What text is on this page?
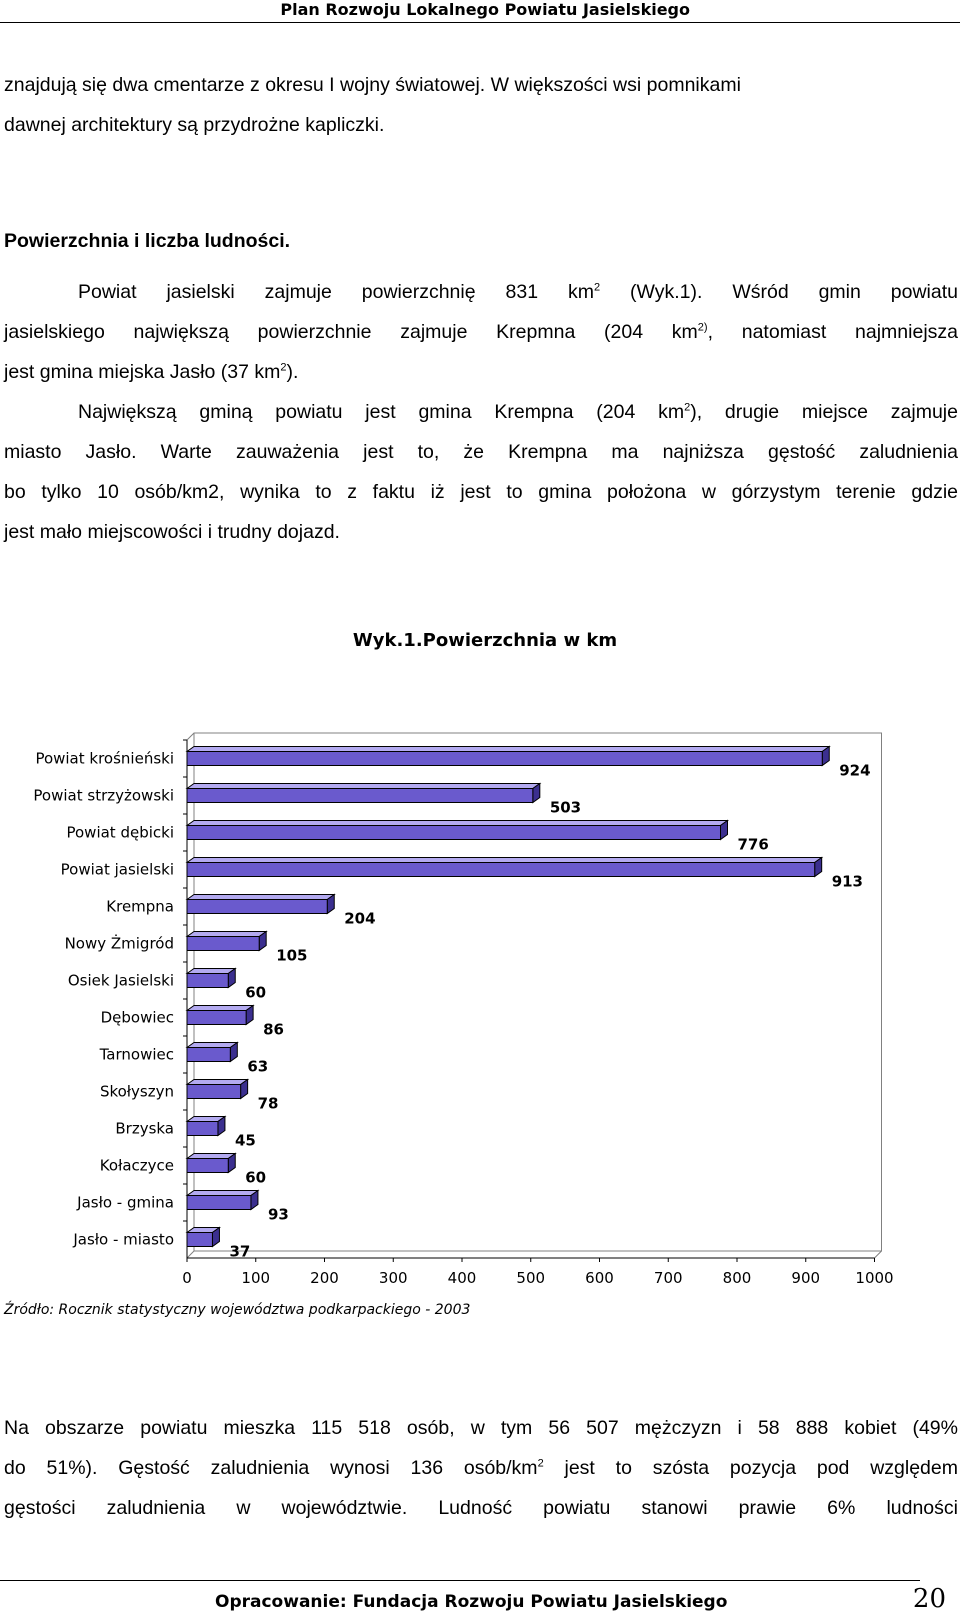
Plan Rozwoju Lokalnego Powiatu Jasielskiego
znajdują się dwa cmentarze z okresu I wojny światowej. W większości wsi pomnikami
dawnej architektury są przydrożne kapliczki.
Powierzchnia i liczba ludności.
Powiat jasielski zajmuje powierzchnię 831 $km^2$ (Wyk.1). Wśród gmin powiatu
jasielskiego największą powierzchnie zajmuje Krepmna (204 $km^{2)}$, natomiast najmniejsza
jest gmina miejska Jasło (37 $km^2$).
Największą gminą powiatu jest gmina Krempna (204 $km^2$), drugie miejsce zajmuje
miasto Jasło. Warte zauważenia jest to, że Krempna ma najniższa gęstość zaludnienia
bo tylko 10 osób/km2, wynika to z faktu iż jest to gmina położona w górzystym terenie gdzie
jest mało miejscowości i trudny dojazd.
Wyk.1.Powierzchnia w km
0	100	200	300	400	500	600	700	800	900 1000
Powiat krośnieński
924
Powiat strzyżowski
503
Powiat dębicki
776
Powiat jasielski
913
Krempna
204
Nowy Żmigród
105
Osiek Jasielski
60
Dębowiec
86
Tarnowiec
63
Skołyszyn
78
Brzyska
45
Kołaczyce
60
Jasło - gmina
93
Jasło - miasto
37
Źródło: Rocznik statystyczny województwa podkarpackiego - 2003
Na obszarze powiatu mieszka 115 518 osób, w tym 56 507 mężczyzn i 58 888 kobiet (49%
do 51%). Gęstość zaludnienia wynosi 136 osób/$km^2$ jest to szósta pozycja pod względem
gęstości zaludnienia w województwie. Ludność powiatu stanowi prawie 6% ludności
Opracowanie: Fundacja Rozwoju Powiatu Jasielskiego	20
